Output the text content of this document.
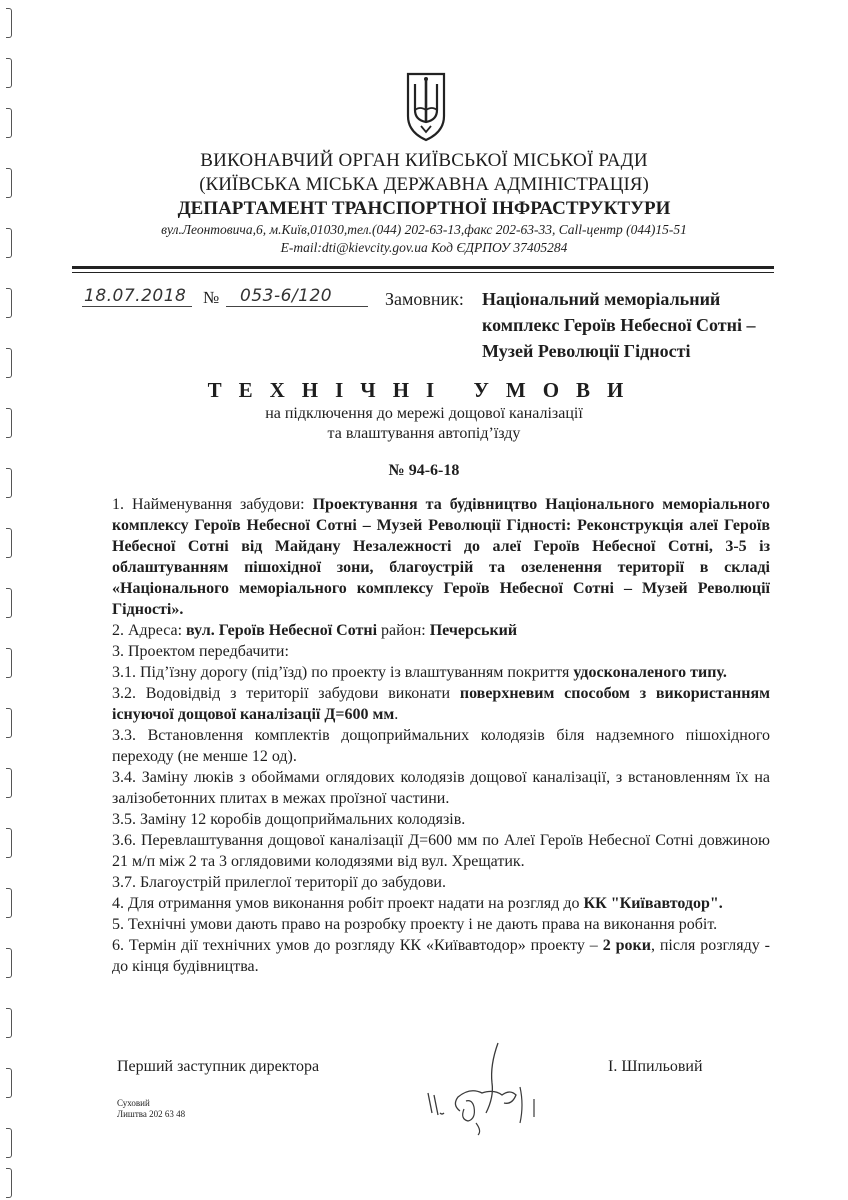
ВИКОНАВЧИЙ ОРГАН КИЇВСЬКОЇ МІСЬКОЇ РАДИ
(КИЇВСЬКА МІСЬКА ДЕРЖАВНА АДМІНІСТРАЦІЯ)
ДЕПАРТАМЕНТ ТРАНСПОРТНОЇ ІНФРАСТРУКТУРИ
вул.Леонтовича,6, м.Київ,01030,тел.(044) 202-63-13,факс 202-63-33, Call-центр (044)15-51
E-mail:dti@kievcity.gov.ua Код ЄДРПОУ 37405284
18.07.2018 № 053-6/120	Замовник: Національний меморіальний
комплекс Героїв Небесної Сотні –
Музей Революції Гідності
ТЕХНІЧНІ УМОВИ
на підключення до мережі дощової каналізації
та влаштування автопід’їзду
№ 94-6-18

1. Найменування забудови: Проектування та будівництво Національного меморіального комплексу Героїв Небесної Сотні – Музей Революції Гідності: Реконструкція алеї Героїв Небесної Сотні від Майдану Незалежності до алеї Героїв Небесної Сотні, 3-5 із облаштуванням пішохідної зони, благоустрій та озеленення території в складі «Національного меморіального комплексу Героїв Небесної Сотні – Музей Революції Гідності».

2. Адреса: вул. Героїв Небесної Сотні район: Печерський

3. Проектом передбачити:

3.1. Під’їзну дорогу (під’їзд) по проекту із влаштуванням покриття удосконаленого типу.

3.2. Водовідвід з території забудови виконати поверхневим способом з використанням існуючої дощової каналізації Д=600 мм.

3.3. Встановлення комплектів дощоприймальних колодязів біля надземного пішохідного переходу (не менше 12 од).

3.4. Заміну люків з обоймами оглядових колодязів дощової каналізації, з встановленням їх на залізобетонних плитах в межах проїзної частини.

3.5. Заміну 12 коробів дощоприймальних колодязів.

3.6. Перевлаштування дощової каналізації Д=600 мм по Алеї Героїв Небесної Сотні довжиною 21 м/п між 2 та 3 оглядовими колодязями від вул. Хрещатик.

3.7. Благоустрій прилеглої території до забудови.

4. Для отримання умов виконання робіт проект надати на розгляд до КК "Київавтодор".

5. Технічні умови дають право на розробку проекту і не дають права на виконання робіт.

6. Термін дії технічних умов до розгляду КК «Київавтодор» проекту – 2 роки, після розгляду - до кінця будівництва.

Перший заступник директора	І. Шпильовий
Суховий
Лиштва 202 63 48
